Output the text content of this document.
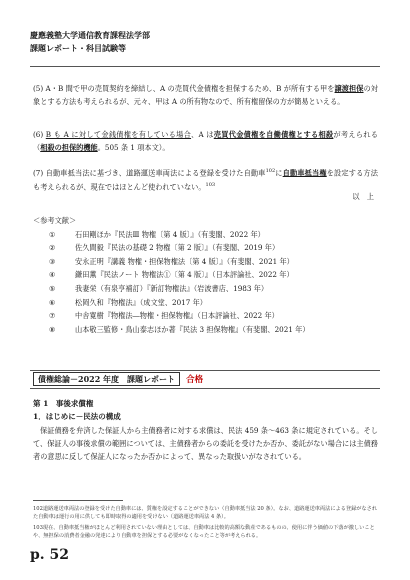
慶應義塾大学通信教育課程法学部
課題レポート・科目試験等
(5) A・B 間で甲の売買契約を締結し、A の売買代金債権を担保するため、B が所有する甲を譲渡担保の対象とする方法も考えられるが、元々、甲は A の所有物なので、所有権留保の方が簡易といえる。
(6) B も A に対して金銭債権を有している場合、A は売買代金債権を自働債権とする相殺が考えられる（相殺の担保的機能。505 条 1 項本文）。
(7) 自動車抵当法に基づき、道路運送車両法による登録を受けた自動車$^{102}$に自動車抵当権を設定する方法も考えられるが、現在ではほとんど使われていない。$^{103}$
以　上
＜参考文献＞
①	石田剛ほか『民法Ⅲ 物権〔第 4 版〕』（有斐閣、2022 年）
②	佐久間毅『民法の基礎 2 物権〔第 2 版〕』（有斐閣、2019 年）
③	安永正明『講義 物権・担保物権法〔第 4 版〕』（有斐閣、2021 年）
④	鎌田薫『民法ノート 物権法①〔第 4 版〕』（日本評論社、2022 年）
⑤	我妻栄（有泉亨補訂）『新訂物権法』（岩波書店、1983 年）
⑥	松岡久和『物権法』（成文堂、2017 年）
⑦	中舎寛樹『物権法―物権・担保物権』（日本評論社、2022 年）
⑧	山本敬三監修・鳥山泰志ほか著『民法 3 担保物権』（有斐閣、2021 年）
債権総論－2022 年度　課題レポート	合格
第 1　事後求償権
1．はじめに－民法の構成
保証債務を弁済した保証人から主債務者に対する求償は、民法 459 条～463 条に規定されている。そして、保証人の事後求償の範囲については、主債務者からの委託を受けたか否か、委託がない場合には主債務者の意思に反して保証人になったか否かによって、異なった取扱いがなされている。
102道路運送車両法の登録を受けた自動車には、質権を設定することができない（自動車抵当法 20 条）。なお、道路運送車両法による登録がなされた自動車は運行の用に供しても即時取得の適用を受けない（道路運送車両法 4 条）。
103現在、自動車抵当権がほとんど利用されていない理由としては、自動車は比較的高額な動産であるものの、使用に伴う価値の下落が激しいことや、無担保の消費者金融の発達により自動車を担保とする必要がなくなったこと等が考えられる。
p. 52
